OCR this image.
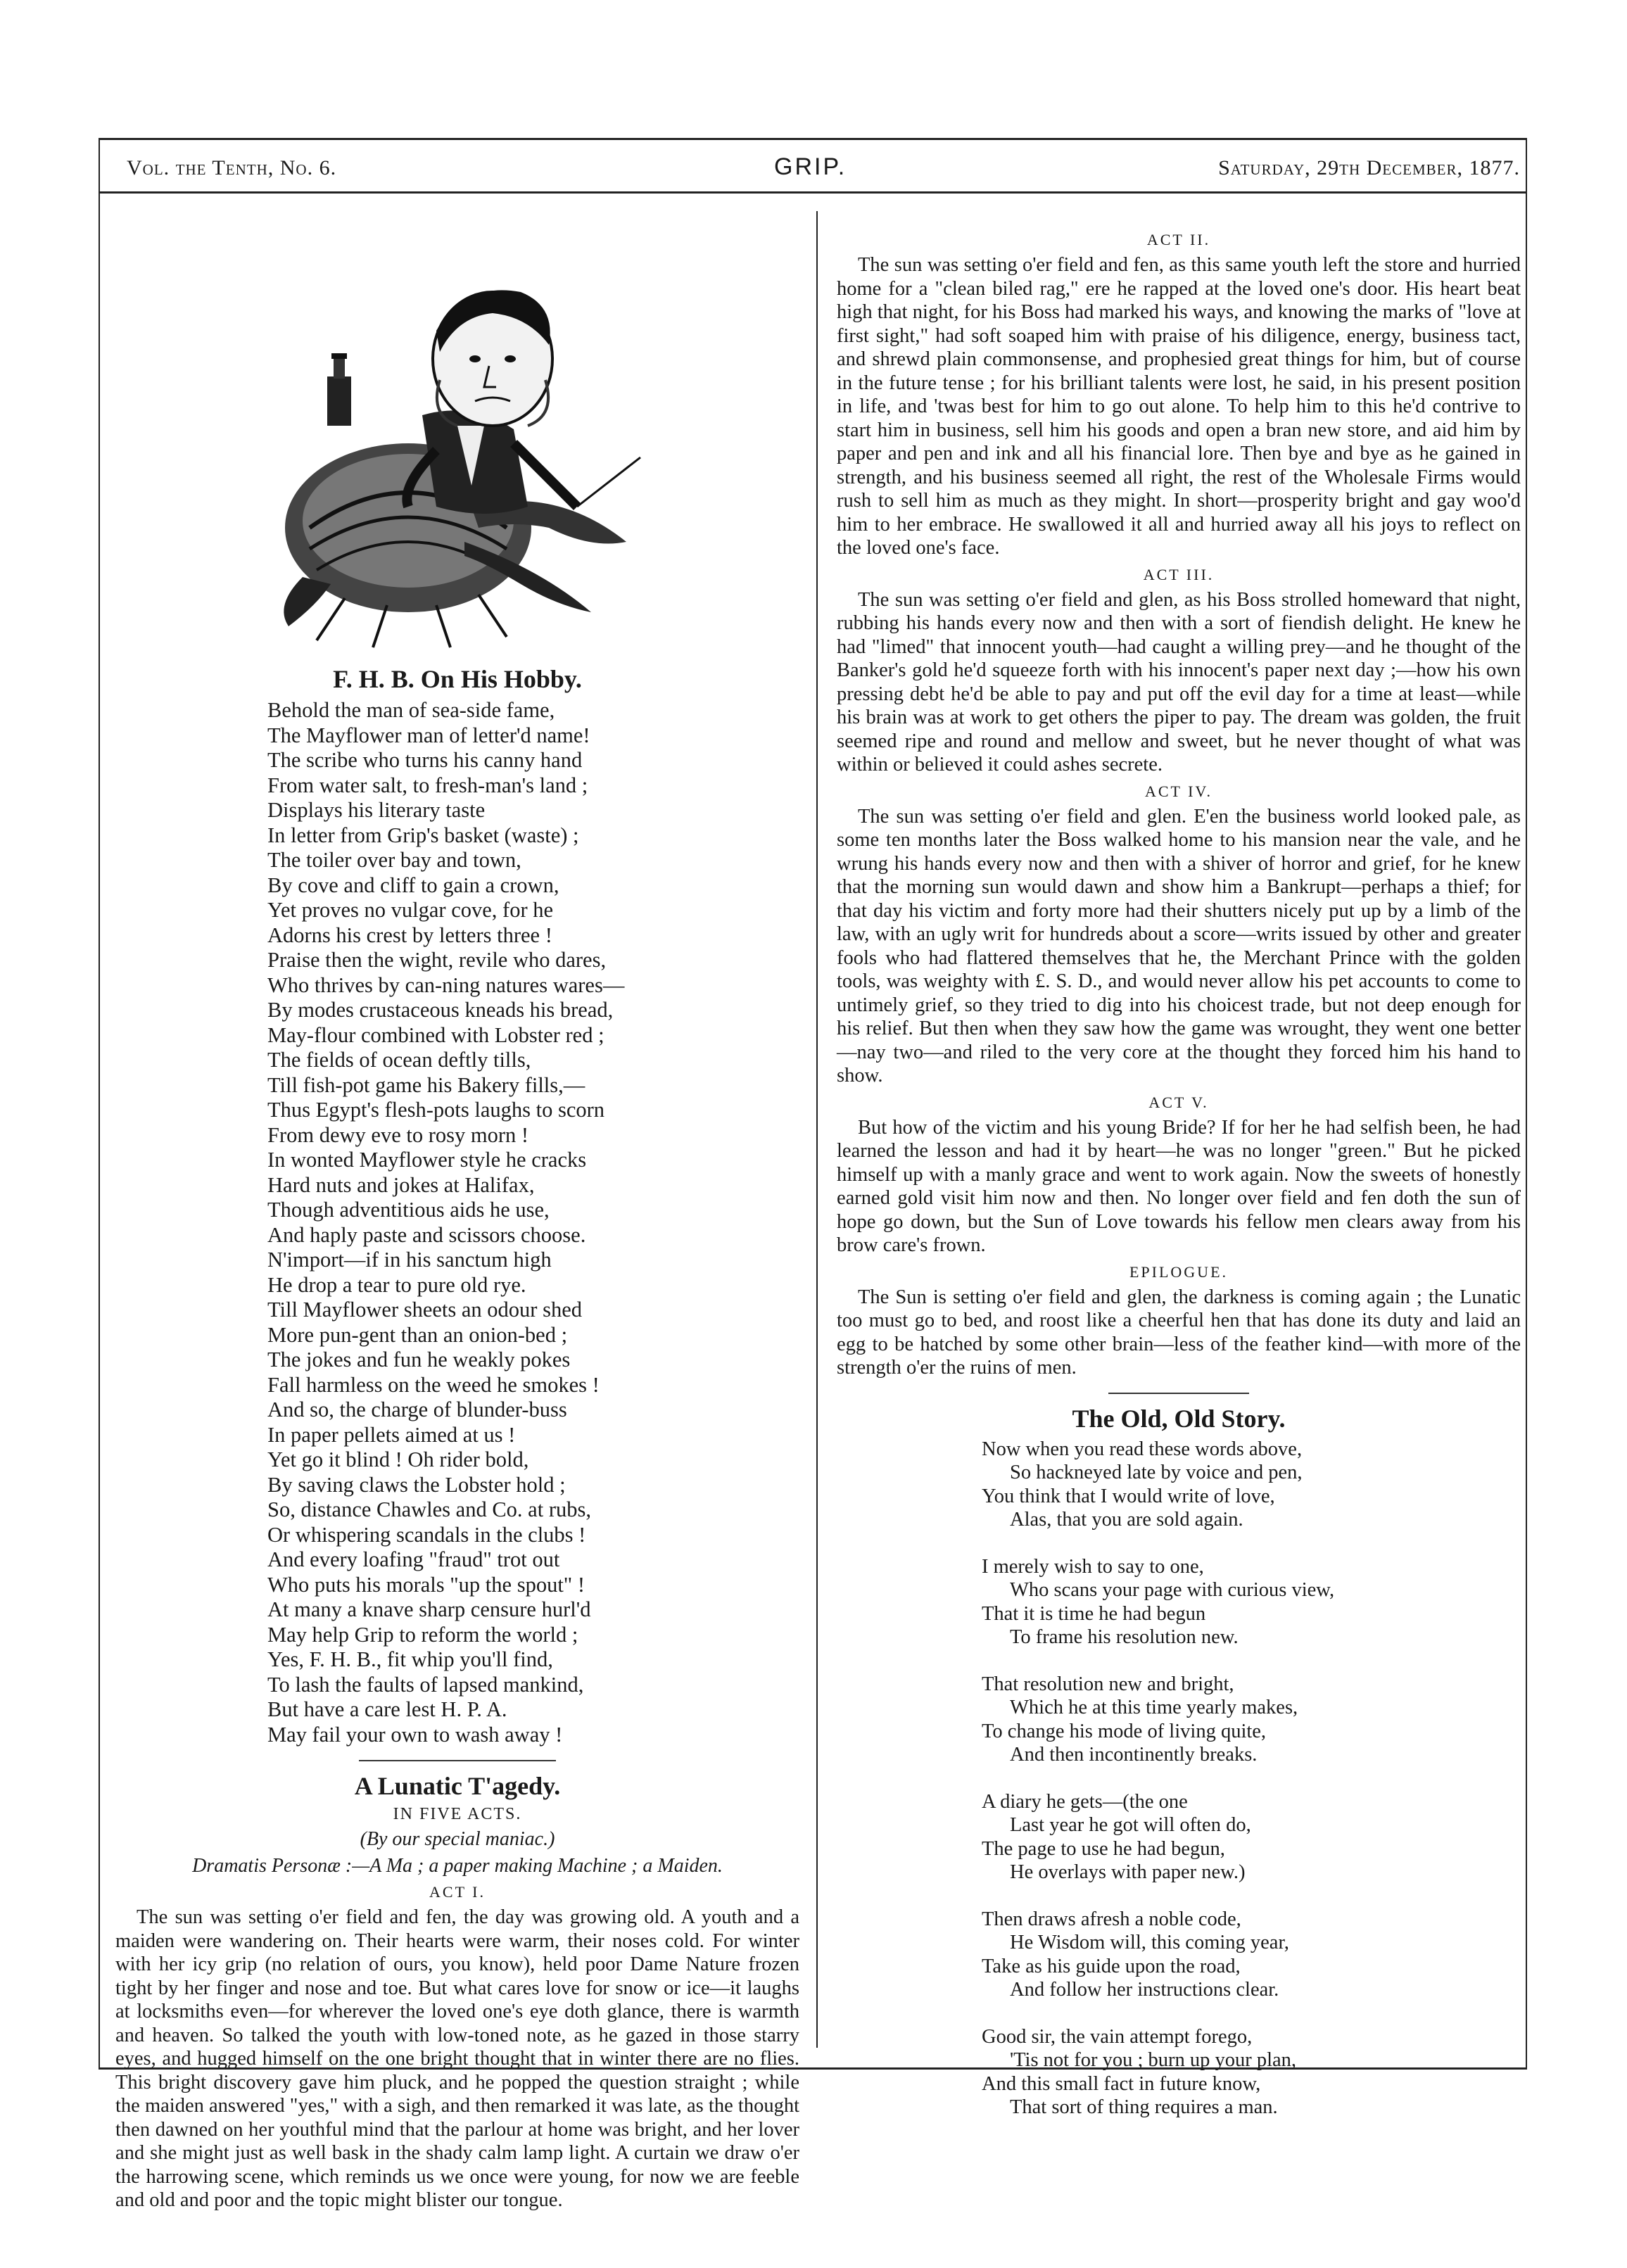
Vol. the Tenth, No. 6.	GRIP.	Saturday, 29th December, 1877.
F. H. B. On His Hobby.
Behold the man of sea-side fame,
The Mayflower man of letter'd name!
The scribe who turns his canny hand
From water salt, to fresh-man's land ;
Displays his literary taste
In letter from Grip's basket (waste) ;
The toiler over bay and town,
By cove and cliff to gain a crown,
Yet proves no vulgar cove, for he
Adorns his crest by letters three !
Praise then the wight, revile who dares,
Who thrives by can-ning natures wares—
By modes crustaceous kneads his bread,
May-flour combined with Lobster red ;
The fields of ocean deftly tills,
Till fish-pot game his Bakery fills,—
Thus Egypt's flesh-pots laughs to scorn
From dewy eve to rosy morn !
In wonted Mayflower style he cracks
Hard nuts and jokes at Halifax,
Though adventitious aids he use,
And haply paste and scissors choose.
N'import—if in his sanctum high
He drop a tear to pure old rye.
Till Mayflower sheets an odour shed
More pun-gent than an onion-bed ;
The jokes and fun he weakly pokes
Fall harmless on the weed he smokes !
And so, the charge of blunder-buss
In paper pellets aimed at us !
Yet go it blind ! Oh rider bold,
By saving claws the Lobster hold ;
So, distance Chawles and Co. at rubs,
Or whispering scandals in the clubs !
And every loafing "fraud" trot out
Who puts his morals "up the spout" !
At many a knave sharp censure hurl'd
May help Grip to reform the world ;
Yes, F. H. B., fit whip you'll find,
To lash the faults of lapsed mankind,
But have a care lest H. P. A.
May fail your own to wash away !
A Lunatic T'agedy.
IN FIVE ACTS.
(By our special maniac.)
Dramatis Personæ :—A Ma ; a paper making Machine ; a Maiden.
ACT I.

The sun was setting o'er field and fen, the day was growing old. A youth and a maiden were wandering on. Their hearts were warm, their noses cold. For winter with her icy grip (no relation of ours, you know), held poor Dame Nature frozen tight by her finger and nose and toe. But what cares love for snow or ice—it laughs at locksmiths even—for wherever the loved one's eye doth glance, there is warmth and heaven. So talked the youth with low-toned note, as he gazed in those starry eyes, and hugged himself on the one bright thought that in winter there are no flies. This bright discovery gave him pluck, and he popped the question straight ; while the maiden answered "yes," with a sigh, and then remarked it was late, as the thought then dawned on her youthful mind that the parlour at home was bright, and her lover and she might just as well bask in the shady calm lamp light. A curtain we draw o'er the harrowing scene, which reminds us we once were young, for now we are feeble and old and poor and the topic might blister our tongue.

ACT II.

The sun was setting o'er field and fen, as this same youth left the store and hurried home for a "clean biled rag," ere he rapped at the loved one's door. His heart beat high that night, for his Boss had marked his ways, and knowing the marks of "love at first sight," had soft soaped him with praise of his diligence, energy, business tact, and shrewd plain commonsense, and prophesied great things for him, but of course in the future tense ; for his brilliant talents were lost, he said, in his present position in life, and 'twas best for him to go out alone. To help him to this he'd contrive to start him in business, sell him his goods and open a bran new store, and aid him by paper and pen and ink and all his financial lore. Then bye and bye as he gained in strength, and his business seemed all right, the rest of the Wholesale Firms would rush to sell him as much as they might. In short—prosperity bright and gay woo'd him to her embrace. He swallowed it all and hurried away all his joys to reflect on the loved one's face.

ACT III.

The sun was setting o'er field and glen, as his Boss strolled homeward that night, rubbing his hands every now and then with a sort of fiendish delight. He knew he had "limed" that innocent youth—had caught a willing prey—and he thought of the Banker's gold he'd squeeze forth with his innocent's paper next day ;—how his own pressing debt he'd be able to pay and put off the evil day for a time at least—while his brain was at work to get others the piper to pay. The dream was golden, the fruit seemed ripe and round and mellow and sweet, but he never thought of what was within or believed it could ashes secrete.

ACT IV.

The sun was setting o'er field and glen. E'en the business world looked pale, as some ten months later the Boss walked home to his mansion near the vale, and he wrung his hands every now and then with a shiver of horror and grief, for he knew that the morning sun would dawn and show him a Bankrupt—perhaps a thief; for that day his victim and forty more had their shutters nicely put up by a limb of the law, with an ugly writ for hundreds about a score—writs issued by other and greater fools who had flattered themselves that he, the Merchant Prince with the golden tools, was weighty with £. S. D., and would never allow his pet accounts to come to untimely grief, so they tried to dig into his choicest trade, but not deep enough for his relief. But then when they saw how the game was wrought, they went one better—nay two—and riled to the very core at the thought they forced him his hand to show.

ACT V.

But how of the victim and his young Bride? If for her he had selfish been, he had learned the lesson and had it by heart—he was no longer "green." But he picked himself up with a manly grace and went to work again. Now the sweets of honestly earned gold visit him now and then. No longer over field and fen doth the sun of hope go down, but the Sun of Love towards his fellow men clears away from his brow care's frown.

EPILOGUE.

The Sun is setting o'er field and glen, the darkness is coming again ; the Lunatic too must go to bed, and roost like a cheerful hen that has done its duty and laid an egg to be hatched by some other brain—less of the feather kind—with more of the strength o'er the ruins of men.

The Old, Old Story.
Now when you read these words above,
So hackneyed late by voice and pen,
You think that I would write of love,
Alas, that you are sold again.
I merely wish to say to one,
Who scans your page with curious view,
That it is time he had begun
To frame his resolution new.
That resolution new and bright,
Which he at this time yearly makes,
To change his mode of living quite,
And then incontinently breaks.
A diary he gets—(the one
Last year he got will often do,
The page to use he had begun,
He overlays with paper new.)
Then draws afresh a noble code,
He Wisdom will, this coming year,
Take as his guide upon the road,
And follow her instructions clear.
Good sir, the vain attempt forego,
'Tis not for you ; burn up your plan,
And this small fact in future know,
That sort of thing requires a man.
